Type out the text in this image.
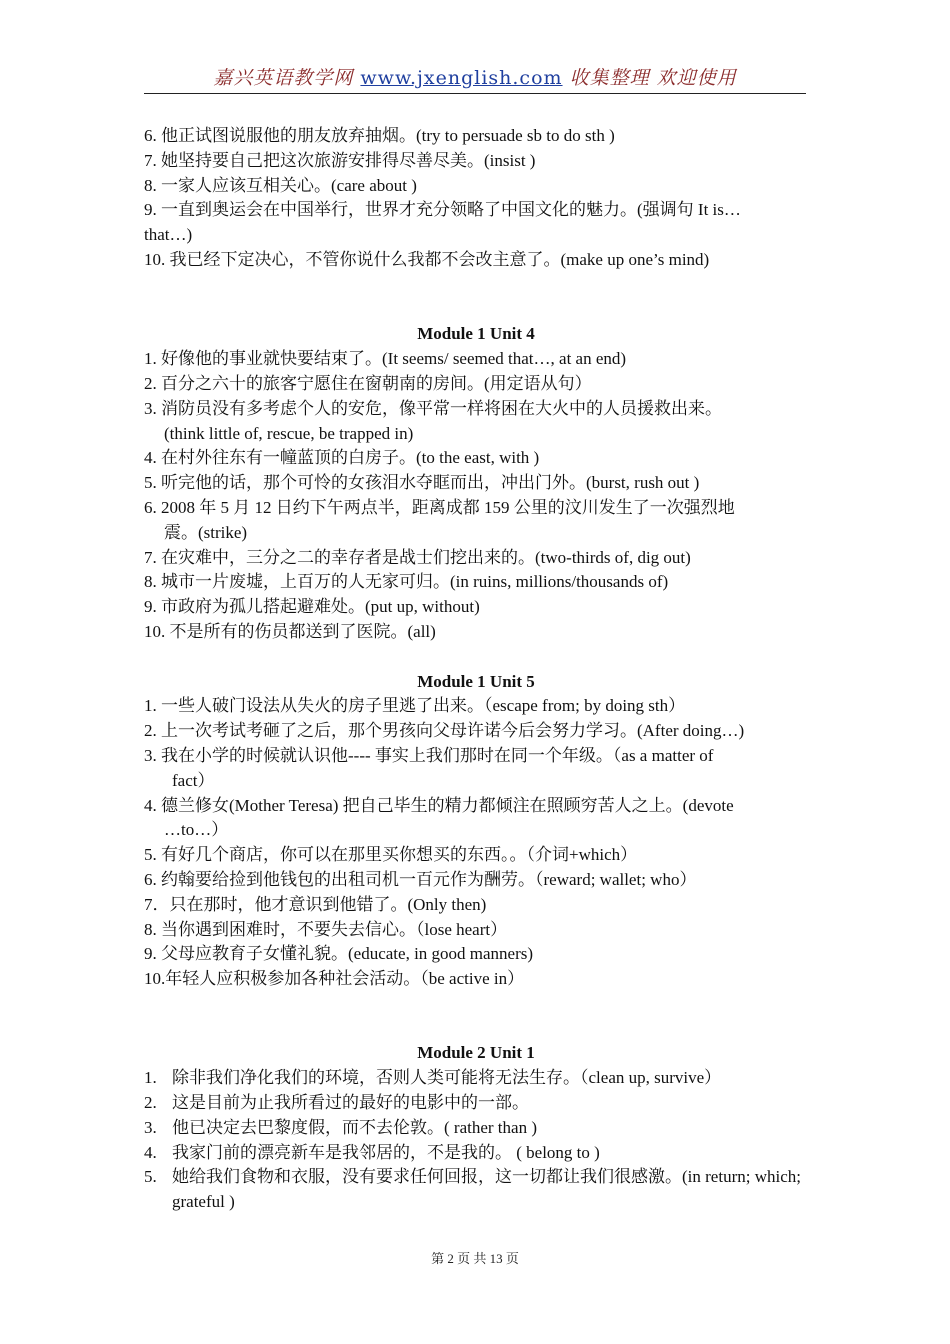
嘉兴英语教学网 www.jxenglish.com 收集整理 欢迎使用

6. 他正试图说服他的朋友放弃抽烟。(try to persuade sb to do sth )

7. 她坚持要自己把这次旅游安排得尽善尽美。(insist )

8. 一家人应该互相关心。(care about )

9. 一直到奥运会在中国举行，世界才充分领略了中国文化的魅力。(强调句 It is…

that…)

10. 我已经下定决心，不管你说什么我都不会改主意了。(make up one’s mind)

Module 1 Unit 4

1. 好像他的事业就快要结束了。(It seems/ seemed that…, at an end)

2. 百分之六十的旅客宁愿住在窗朝南的房间。(用定语从句）

3. 消防员没有多考虑个人的安危，像平常一样将困在大火中的人员援救出来。

(think little of, rescue, be trapped in)

4. 在村外往东有一幢蓝顶的白房子。(to the east, with )

5. 听完他的话，那个可怜的女孩泪水夺眶而出，冲出门外。(burst, rush out )

6. 2008 年 5 月 12 日约下午两点半，距离成都 159 公里的汶川发生了一次强烈地

震。(strike)

7. 在灾难中，三分之二的幸存者是战士们挖出来的。(two-thirds of, dig out)

8. 城市一片废墟，上百万的人无家可归。(in ruins, millions/thousands of)

9. 市政府为孤儿搭起避难处。(put up, without)

10. 不是所有的伤员都送到了医院。(all)

Module 1 Unit 5

1. 一些人破门设法从失火的房子里逃了出来。（escape from; by doing sth）

2. 上一次考试考砸了之后，那个男孩向父母许诺今后会努力学习。(After doing…)

3. 我在小学的时候就认识他---- 事实上我们那时在同一个年级。（as a matter of

fact）

4. 德兰修女(Mother Teresa) 把自己毕生的精力都倾注在照顾穷苦人之上。(devote

…to…）

5. 有好几个商店，你可以在那里买你想买的东西。。（介词+which）

6. 约翰要给捡到他钱包的出租司机一百元作为酬劳。（reward; wallet; who）

7．只在那时，他才意识到他错了。(Only then)

8. 当你遇到困难时，不要失去信心。（lose heart）

9. 父母应教育子女懂礼貌。(educate, in good manners)

10.年轻人应积极参加各种社会活动。（be active in）

Module 2 Unit 1

1. 除非我们净化我们的环境，否则人类可能将无法生存。（clean up, survive）
2. 这是目前为止我所看过的最好的电影中的一部。
3. 他已决定去巴黎度假，而不去伦敦。( rather than )
4. 我家门前的漂亮新车是我邻居的，不是我的。 ( belong to )
5. 她给我们食物和衣服，没有要求任何回报，这一切都让我们很感激。(in return; which; grateful )
第 2 页 共 13 页
